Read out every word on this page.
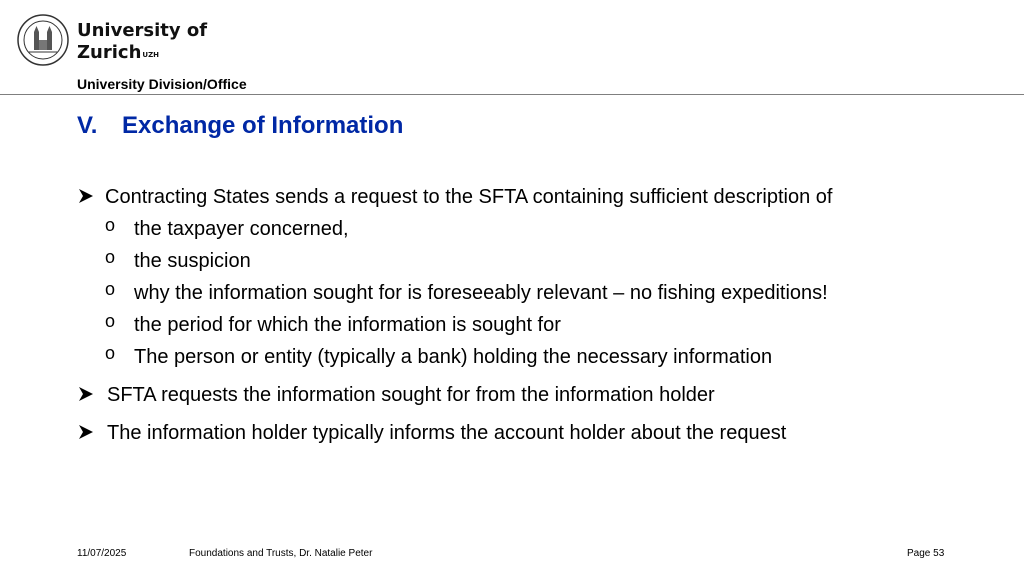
University of
Zurich$^{UZH}$
University Division/Office
V. Exchange of Information
Contracting States sends a request to the SFTA containing sufficient description of
o the taxpayer concerned,
o the suspicion
o why the information sought for is foreseeably relevant – no fishing expeditions!
o the period for which the information is sought for
o The person or entity (typically a bank) holding the necessary information
SFTA requests the information sought for from the information holder
The information holder typically informs the account holder about the request
11/07/2025	Foundations and Trusts, Dr. Natalie Peter	Page 53
